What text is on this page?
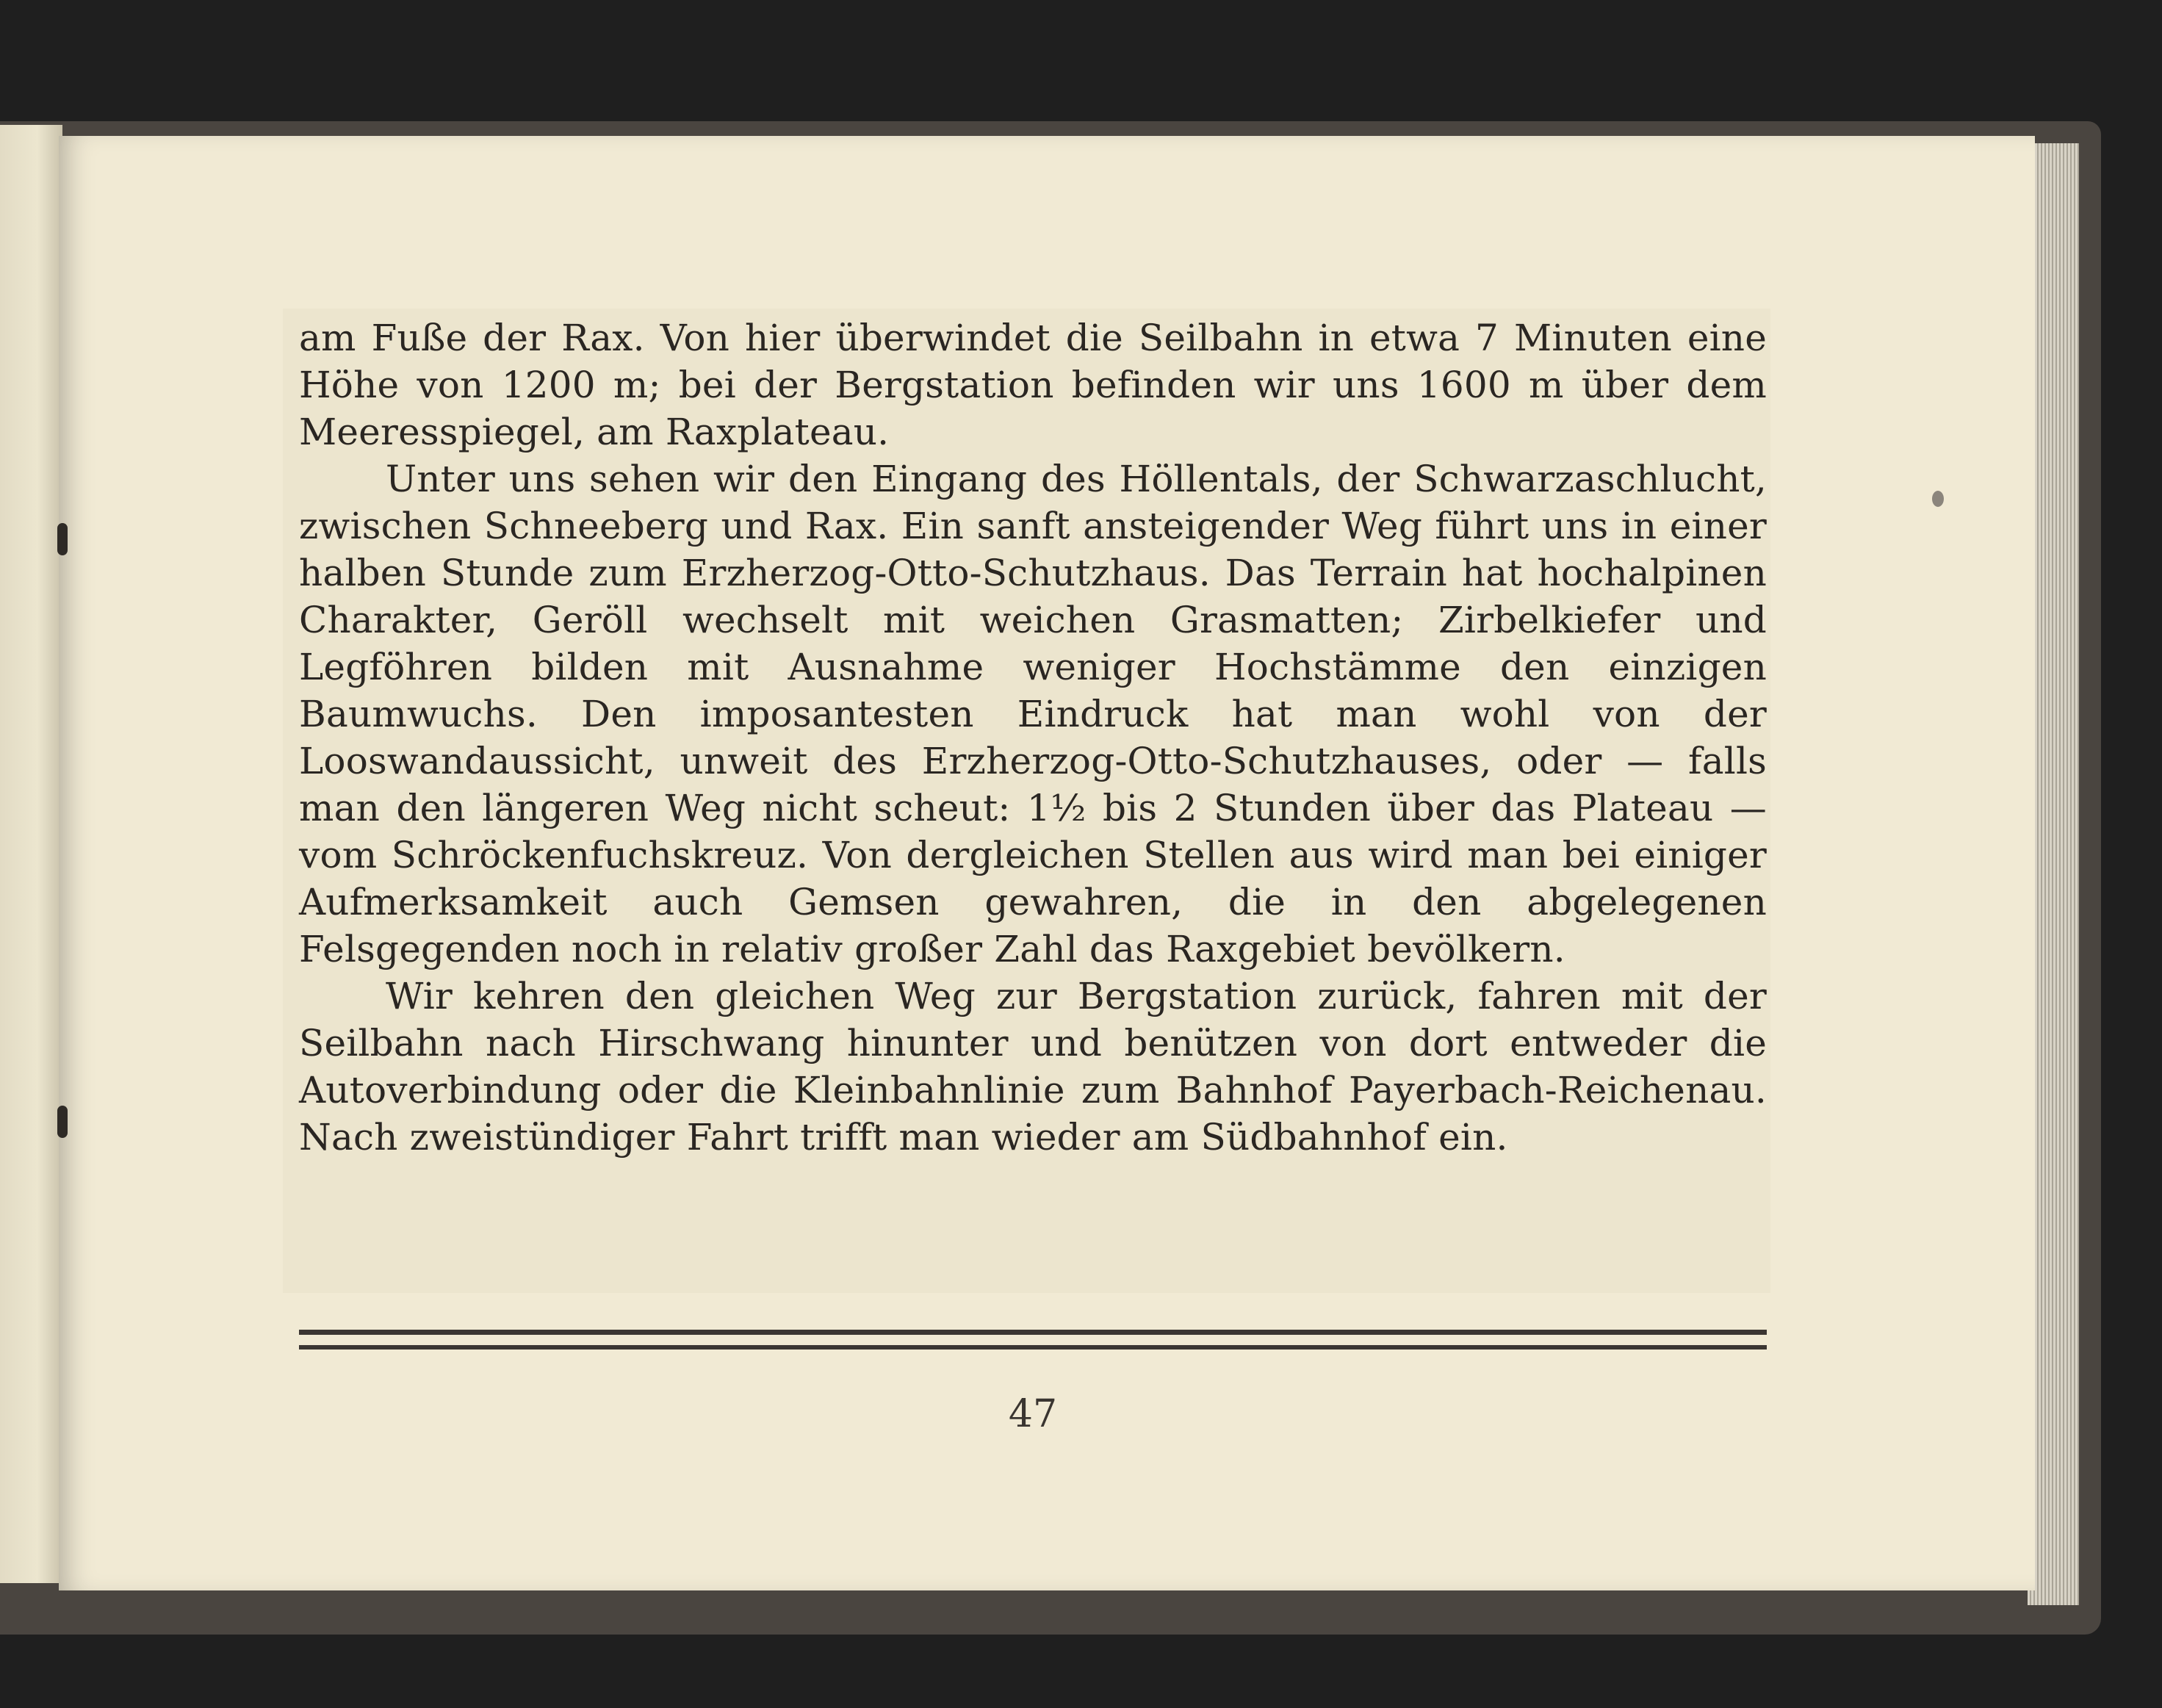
am Fuße der Rax. Von hier überwindet die Seilbahn in etwa 7 Minuten eine Höhe von 1200 m; bei der Bergstation befinden wir uns 1600 m über dem Meeresspiegel, am Raxplateau.

Unter uns sehen wir den Eingang des Höllentals, der Schwarzaschlucht, zwischen Schneeberg und Rax. Ein sanft ansteigender Weg führt uns in einer halben Stunde zum Erzherzog-Otto-Schutzhaus. Das Terrain hat hochalpinen Charakter, Geröll wechselt mit weichen Grasmatten; Zirbelkiefer und Legföhren bilden mit Ausnahme weniger Hochstämme den einzigen Baumwuchs. Den imposantesten Eindruck hat man wohl von der Looswandaussicht, unweit des Erzherzog-Otto-Schutzhauses, oder — falls man den längeren Weg nicht scheut: 1½ bis 2 Stunden über das Plateau — vom Schröckenfuchskreuz. Von dergleichen Stellen aus wird man bei einiger Aufmerksamkeit auch Gemsen gewahren, die in den abgelegenen Felsgegenden noch in relativ großer Zahl das Raxgebiet bevölkern.

Wir kehren den gleichen Weg zur Bergstation zurück, fahren mit der Seilbahn nach Hirschwang hinunter und benützen von dort entweder die Autoverbindung oder die Kleinbahnlinie zum Bahnhof Payerbach-Reichenau. Nach zweistündiger Fahrt trifft man wieder am Südbahnhof ein.

47
